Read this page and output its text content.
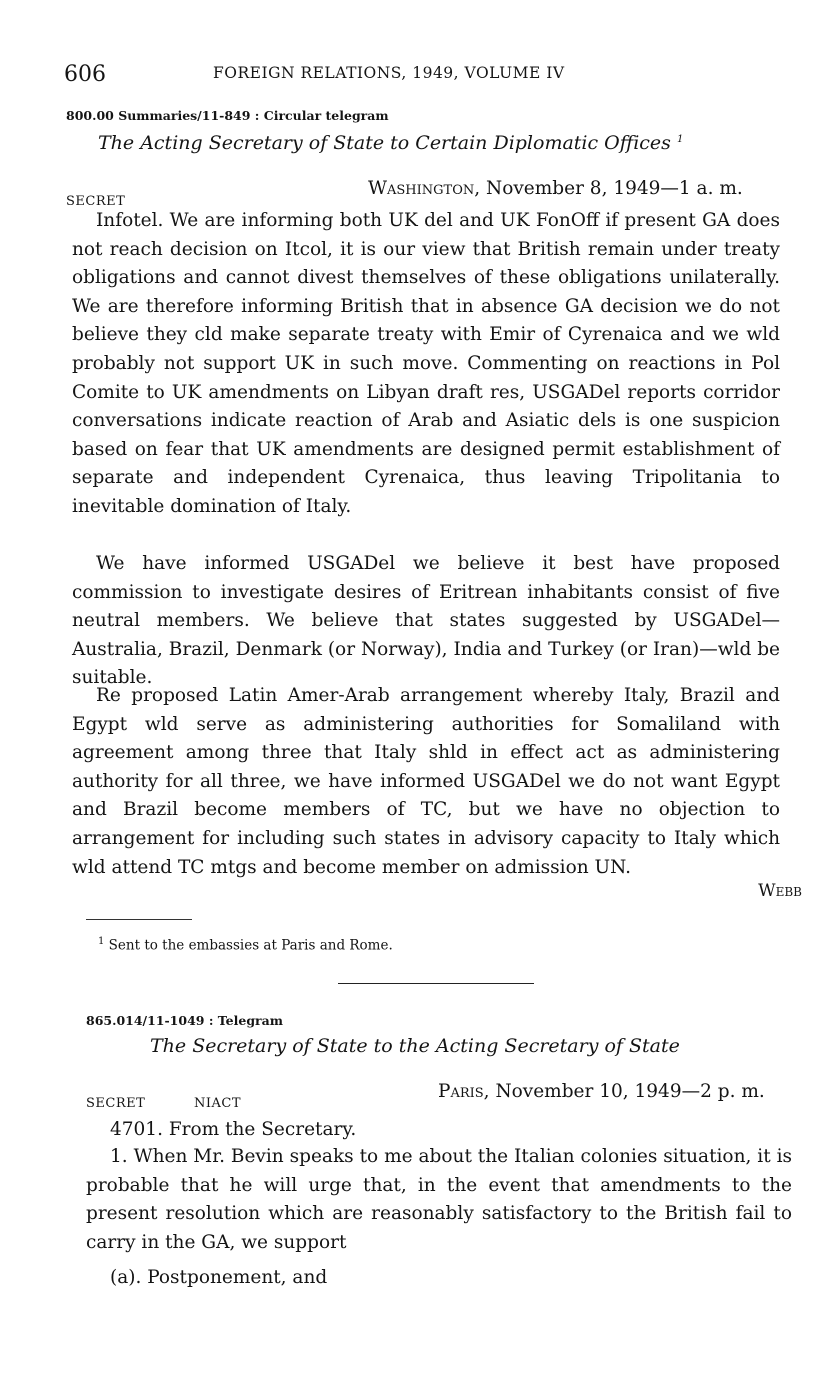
606	FOREIGN RELATIONS, 1949, VOLUME IV
800.00 Summaries/11-849 : Circular telegram
The Acting Secretary of State to Certain Diplomatic Offices $^1$
SECRET
Washington, November 8, 1949—1 a. m.

Infotel. We are informing both UK del and UK FonOff if present GA does not reach decision on Itcol, it is our view that British remain under treaty obligations and cannot divest themselves of these obligations unilaterally. We are therefore informing British that in absence GA decision we do not believe they cld make separate treaty with Emir of Cyrenaica and we wld probably not support UK in such move. Commenting on reactions in Pol Comite to UK amendments on Libyan draft res, USGADel reports corridor conversations indicate reaction of Arab and Asiatic dels is one suspicion based on fear that UK amendments are designed permit establishment of separate and independent Cyrenaica, thus leaving Tripolitania to inevitable domination of Italy.

We have informed USGADel we believe it best have proposed commission to investigate desires of Eritrean inhabitants consist of five neutral members. We believe that states suggested by USGADel—Australia, Brazil, Denmark (or Norway), India and Turkey (or Iran)—wld be suitable.

Re proposed Latin Amer-Arab arrangement whereby Italy, Brazil and Egypt wld serve as administering authorities for Somaliland with agreement among three that Italy shld in effect act as administering authority for all three, we have informed USGADel we do not want Egypt and Brazil become members of TC, but we have no objection to arrangement for including such states in advisory capacity to Italy which wld attend TC mtgs and become member on admission UN.

Webb
$^1$ Sent to the embassies at Paris and Rome.
865.014/11-1049 : Telegram
The Secretary of State to the Acting Secretary of State
SECRET	NIACT
Paris, November 10, 1949—2 p. m.

4701. From the Secretary.

1. When Mr. Bevin speaks to me about the Italian colonies situation, it is probable that he will urge that, in the event that amendments to the present resolution which are reasonably satisfactory to the British fail to carry in the GA, we support

(a). Postponement, and
